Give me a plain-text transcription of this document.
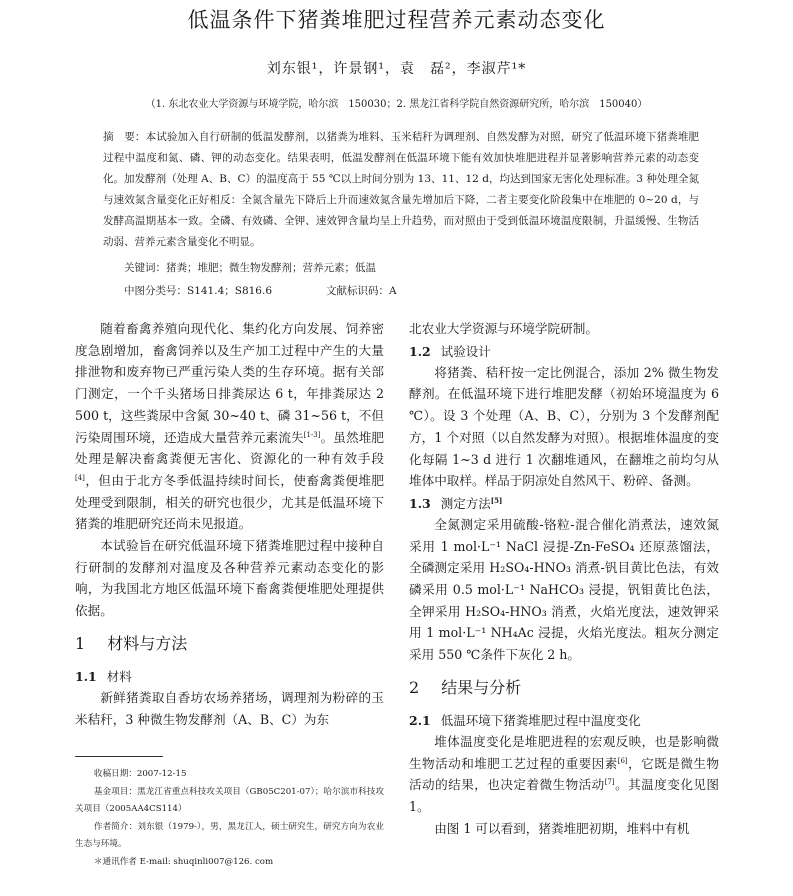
低温条件下猪粪堆肥过程营养元素动态变化
刘东银¹，许景钢¹，袁　磊²，李淑芹¹*
（1. 东北农业大学资源与环境学院，哈尔滨　150030；2. 黑龙江省科学院自然资源研究所，哈尔滨　150040）
摘　要：本试验加入自行研制的低温发酵剂，以猪粪为堆料、玉米秸秆为调理剂、自然发酵为对照，研究了低温环境下猪粪堆肥过程中温度和氮、磷、钾的动态变化。结果表明，低温发酵剂在低温环境下能有效加快堆肥进程并显著影响营养元素的动态变化。加发酵剂（处理 A、B、C）的温度高于 55 ℃以上时间分别为 13、11、12 d，均达到国家无害化处理标准。3 种处理全氮与速效氮含量变化正好相反：全氮含量先下降后上升而速效氮含量先增加后下降，二者主要变化阶段集中在堆肥的 0~20 d，与发酵高温期基本一致。全磷、有效磷、全钾、速效钾含量均呈上升趋势，而对照由于受到低温环境温度限制，升温缓慢、生物活动弱、营养元素含量变化不明显。
关键词：猪粪；堆肥；微生物发酵剂；营养元素；低温
中图分类号：S141.4；S816.6	文献标识码：A

随着畜禽养殖向现代化、集约化方向发展、饲养密度急剧增加，畜禽饲养以及生产加工过程中产生的大量排泄物和废弃物已严重污染人类的生存环境。据有关部门测定，一个千头猪场日排粪尿达 6 t，年排粪尿达 2 500 t，这些粪尿中含氮 30~40 t、磷 31~56 t，不但污染周围环境，还造成大量营养元素流失[1-3]。虽然堆肥处理是解决畜禽粪便无害化、资源化的一种有效手段[4]，但由于北方冬季低温持续时间长，使畜禽粪便堆肥处理受到限制，相关的研究也很少，尤其是低温环境下猪粪的堆肥研究还尚未见报道。

本试验旨在研究低温环境下猪粪堆肥过程中接种自行研制的发酵剂对温度及各种营养元素动态变化的影响，为我国北方地区低温环境下畜禽粪便堆肥处理提供依据。

1 材料与方法
1.1 材料

新鲜猪粪取自香坊农场养猪场，调理剂为粉碎的玉米秸秆，3 种微生物发酵剂（A、B、C）为东

收稿日期：2007-12-15
基金项目：黑龙江省重点科技攻关项目（GB05C201-07）；哈尔滨市科技攻关项目（2005AA4CS114）
作者简介：刘东银（1979-），男，黑龙江人，硕士研究生，研究方向为农业生态与环境。
＊通讯作者 E-mail: shuqinli007@126. com

北农业大学资源与环境学院研制。

1.2 试验设计

将猪粪、秸秆按一定比例混合，添加 2% 微生物发酵剂。在低温环境下进行堆肥发酵（初始环境温度为 6 ℃）。设 3 个处理（A、B、C），分别为 3 个发酵剂配方，1 个对照（以自然发酵为对照）。根据堆体温度的变化每隔 1~3 d 进行 1 次翻堆通风，在翻堆之前均匀从堆体中取样。样品于阴凉处自然风干、粉碎、备测。

1.3 测定方法[5]

全氮测定采用硫酸-铬粒-混合催化消煮法，速效氮采用 1 mol·L⁻¹ NaCl 浸提-Zn-FeSO₄ 还原蒸馏法，全磷测定采用 H₂SO₄-HNO₃ 消煮-钒目黄比色法，有效磷采用 0.5 mol·L⁻¹ NaHCO₃ 浸提，钒钼黄比色法，全钾采用 H₂SO₄-HNO₃ 消煮，火焰光度法，速效钾采用 1 mol·L⁻¹ NH₄Ac 浸提，火焰光度法。粗灰分测定采用 550 ℃条件下灰化 2 h。

2 结果与分析
2.1 低温环境下猪粪堆肥过程中温度变化

堆体温度变化是堆肥进程的宏观反映，也是影响微生物活动和堆肥工艺过程的重要因素[6]，它既是微生物活动的结果，也决定着微生物活动[7]。其温度变化见图 1。

由图 1 可以看到，猪粪堆肥初期，堆料中有机
